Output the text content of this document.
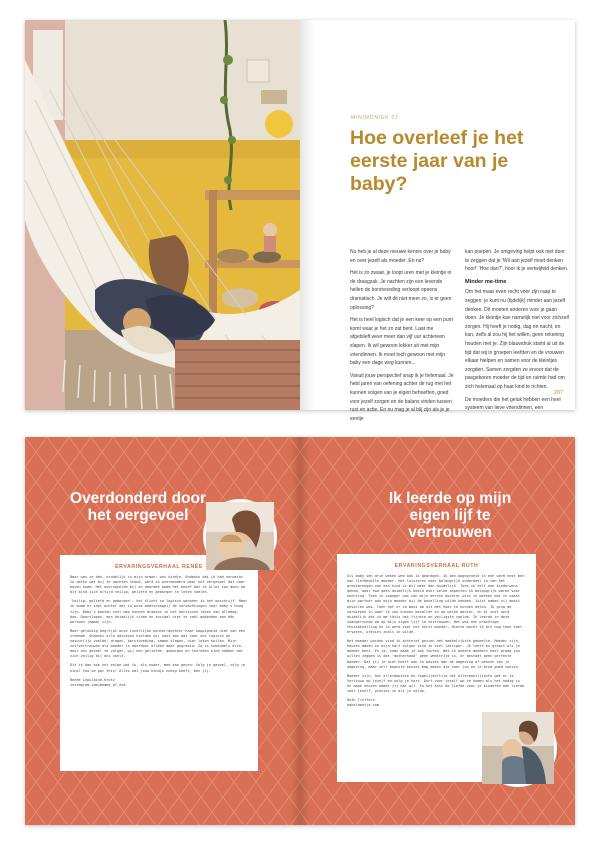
MINIMONIEK 02
Hoe overleef je het eerste jaar van je baby?

Nu heb je al deze nieuwe kennis over je baby en over jezelf als moeder. En nu?

Het is zo zwaar, je loopt uren met je kleintje in de draagzak. Je nachten zijn een levende hellen de borstvoeding verloopt opeens dramatisch. Je wilt dit niet meer zo, is er geen oplossing?

Het is heel logisch dat je een keer op een punt komt waar je het zo zat bent. Laat me afgeblieft weer meer dan vijf uur achtereen slapen. Ik wil gewoon lekker uit met mijn vriendinnen. Ik moet toch gewoon met mijn baby een dage weg kunnen...

Vanuit jouw perspectief snap ik je helemaal. Je hebt jaren van oefening achter de rug met het kunnen volgen van je eigen behoeften, goed voor jezelf zorgen en de balans vinden tussen rust en actie. En nu mag je al blij zijn als je je eentje

kan poepen. Je omgeving helpt ook niet door te zeggen dat je 'Wil aan jezelf moet denken hoor!' 'Hoe dan?', hoor ik je vertwijfeld denken.

Minder me-time

Om het maar even recht voor zijn raap te zeggen: je kunt nu (tijdelijk) minder aan jezelf denken. Dit moeten anderen voor je gaan doen. Je kleintje kan namelijk niet voor zichzelf zorgen. Hij heeft je nodig, dag en nacht, en kan, zelfs al zou hij het willen, geen rekening houden met je. Zijn blauwdruk stamt al uit de tijd dat wij in groepen leefden en de vrouwen elkaar hielpen en samen voor de kleintjes zorgden. Samen zorgden ze ervoor dat de pasgeboren moeder de tijd en ruimte had om zich helemaal op haar kind te richten.

De moeders die het geluk hebben een heel systeem van lieve vriendinnen, een

207
Overdonderd door het oergevoel
ERVARINGSVERHAAL RENÉE

Daar was ze dan, eindelijk in mijn armen: ons kindje. Ondanks dat ik had verwacht te weten wat mij te wachten stond, werd ik overdonderd door het oergevoel dat naar boven kwam. Het overspoelde mij en daarmee kwam het besef dat ik alles zou doen om dit kind zich altijd veilig, geliefd en geborgen te laten voelen.

'Veilig, geliefd en geborgen': het klinkt zo logisch wanneer ik het opschrijf. Maar ik kwam er snel achter dat in onze maatschappij de verwachtingen voor baby's hoog zijn. Baby's moeten snel mee kunnen draaien in het hectische leven van alledag, doe. Doorslapen, een duidelijk ritme en sociaal niet te veel gebonden aan één persoon (mama) zijn.

Maar gelukkig begrijpt onze innerlijke peuter/dochter haar koppigheid niet van een vreemde. Ondanks alle adviezen hielden wij vast aan wat voor ons logisch en natuurlijk voelde: dragen, borstvoeding, samen slapen, niet laten huilen. Mijn zelfvertrouwen als moeder is daardoor alleen maar gegroeid. Ze is inmiddels drie, door ons gevoel te volgen, wij een geliefde, geborgen en tevreden kind hebben dat zich veilig bij ons voelt.

Dit is dan ook het enige wat ik, als ouder, mee kan geven: Volg je gevoel, volg je kind! You've got this! Alles wat jouw kindje nodig heeft, ben jij.

Renée Lepulaine-Krotz
instagram.com/mommy_of_eva
Ik leerde op mijn eigen lijf te vertrouwen
ERVARINGSVERHAAL RUTH

Als baby van drie weken wed ook ik gedragen. Ik ben opgegroeid in een warm nest met een liefdevolle moeder. Het luisteren naar belangrijk onderdeel in van het grootbrengen van een kind is mij meer dan duidelijk. Toen ik zelf een kinderwens gehad, maar had geen duidelijk beeld over welke aspecten ik belangrijk waren voor hechting. Toen ik zwanger was van mijn eerste dochter wist ik meteen dat ik naast mijn partner ook mijn moeder bij de bevalling wilde hebben. Juist omdat zij mooit bevallen was. Toen het er zo mooi om dit met haar te kunnen delen. Ik ging me verdiepen in waar ik zou kunnen bevallen en op welke manier, en al snel werd duidelijk dat ik me thuis het fijnste en veiligste voelde. Ik leerde in deze zwangerschap om op mijn eigen lijf te vertrouwen. Het was een prachtige thuisbevalling en ik werd voor het eerst moeder. Hierna mocht ik dit nog twee keer ervaren, precies zoals ik wilde.

Het moeder worden vind ik achteraf gezien het makkelijkste gebeelte. Moeder zijn, keuzes maken en mijn hart volgen vind ik veel lastiger. Je leert en groeit als je moeder bent. En ja, soms maak je ook fouten. Wat ik andere moeders heel graag zou willen zeggen is dat 'motherhood' geen wedstrijd is, er bestaat geen perfecte moeder. Dat jij je niet hoeft aan te passen aan de omgeving of wensen van je omgeving, maar zelf bewuste keuzes mag maken die voor jou en je kind goed voelen.

Moeder zijn, het allermooiste en tegelijkertijd het allermoeilijkste wat er is. Vertrouw op jezelf en volg je hart. Durf voor jezelf op te komen als het nodig is en maak keuzes omdat jij dat wil. En het kost de liefde voor je kinderen ook liefde voor jezelf, precies zo als je wilde.

Ruth Treffers
bakelaantje.com
